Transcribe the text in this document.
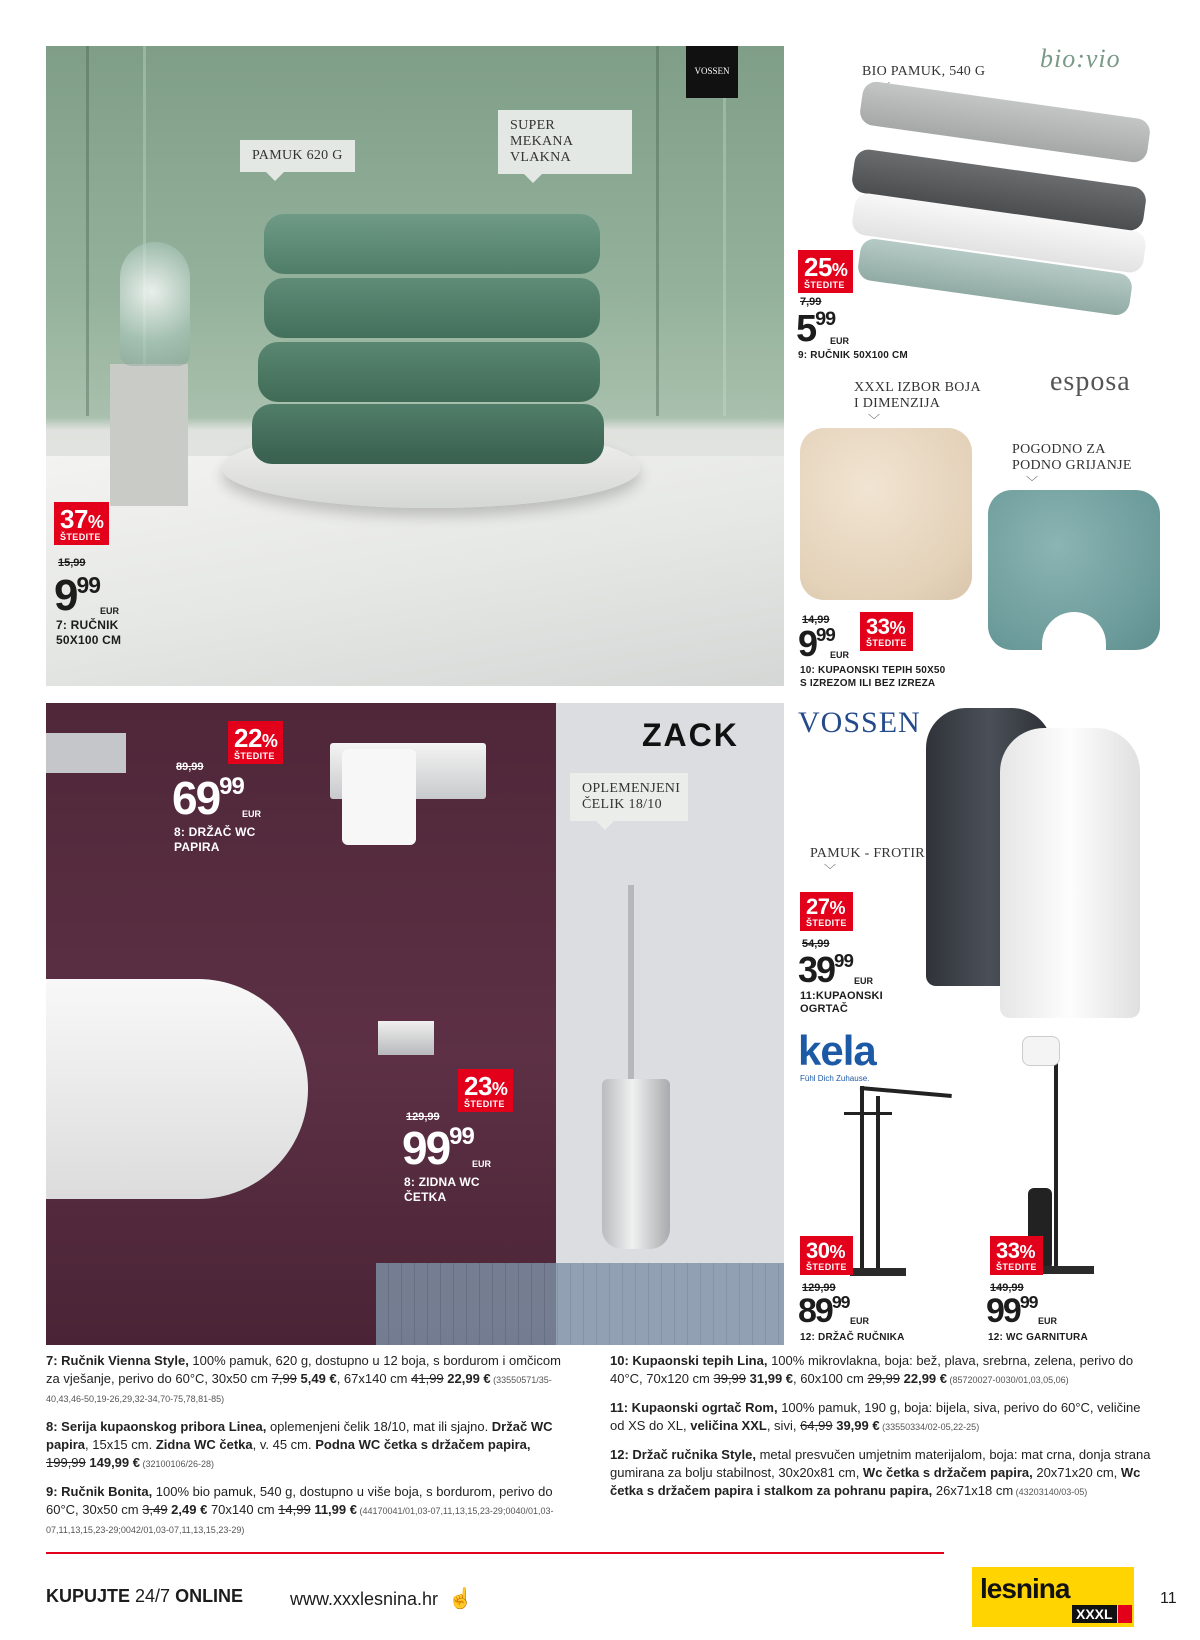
VOSSEN
PAMUK 620 G
SUPER MEKANA VLAKNA
37%
ŠTEDITE
15,99
$9^{99}$
EUR
7: RUČNIK
50X100 CM
bio:vio
BIO PAMUK, 540 G
25%
ŠTEDITE
7,99
$5^{99}$
EUR
9: RUČNIK 50X100 CM
esposa
XXXL IZBOR BOJA
I DIMENZIJA
﹀
POGODNO ZA
PODNO GRIJANJE
﹀
14,99
$9^{99}$
EUR
33%
ŠTEDITE
10: KUPAONSKI TEPIH 50X50
S IZREZOM ILI BEZ IZREZA
ZACK
OPLEMENJENI
ČELIK 18/10
22%
ŠTEDITE
89,99
$69^{99}$
EUR
8: DRŽAČ WC
PAPIRA
23%
ŠTEDITE
129,99
$99^{99}$
EUR
8: ZIDNA WC
ČETKA
VOSSEN
PAMUK - FROTIR
﹀
27%
ŠTEDITE
54,99
$39^{99}$
EUR
11:KUPAONSKI
OGRTAČ
kela
Fühl Dich Zuhause.
30%
ŠTEDITE
129,99
$89^{99}$
EUR
12: DRŽAČ RUČNIKA
33%
ŠTEDITE
149,99
$99^{99}$
EUR
12: WC GARNITURA

7: Ručnik Vienna Style, 100% pamuk, 620 g, dostupno u 12 boja, s bordurom i omčicom za vješanje, perivo do 60°C, 30x50 cm 7,99 5,49 €, 67x140 cm 41,99 22,99 € (33550571/35-40,43,46-50,19-26,29,32-34,70-75,78,81-85)

8: Serija kupaonskog pribora Linea, oplemenjeni čelik 18/10, mat ili sjajno. Držač WC papira, 15x15 cm. Zidna WC četka, v. 45 cm. Podna WC četka s držačem papira, 199,99 149,99 € (32100106/26-28)

9: Ručnik Bonita, 100% bio pamuk, 540 g, dostupno u više boja, s bordurom, perivo do 60°C, 30x50 cm 3,49 2,49 € 70x140 cm 14,99 11,99 € (44170041/01,03-07,11,13,15,23-29;0040/01,03-07,11,13,15,23-29;0042/01,03-07,11,13,15,23-29)

10: Kupaonski tepih Lina, 100% mikrovlakna, boja: bež, plava, srebrna, zelena, perivo do 40°C, 70x120 cm 39,99 31,99 €, 60x100 cm 29,99 22,99 € (85720027-0030/01,03,05,06)

11: Kupaonski ogrtač Rom, 100% pamuk, 190 g, boja: bijela, siva, perivo do 60°C, veličine od XS do XL, veličina XXL, sivi, 64,99 39,99 € (33550334/02-05,22-25)

12: Držač ručnika Style, metal presvučen umjetnim materijalom, boja: mat crna, donja strana gumirana za bolju stabilnost, 30x20x81 cm, Wc četka s držačem papira, 20x71x20 cm, Wc četka s držačem papira i stalkom za pohranu papira, 26x71x18 cm (43203140/03-05)

KUPUJTE 24/7 ONLINE	www.xxxlesnina.hr ☝	lesnina
XXXL
11
